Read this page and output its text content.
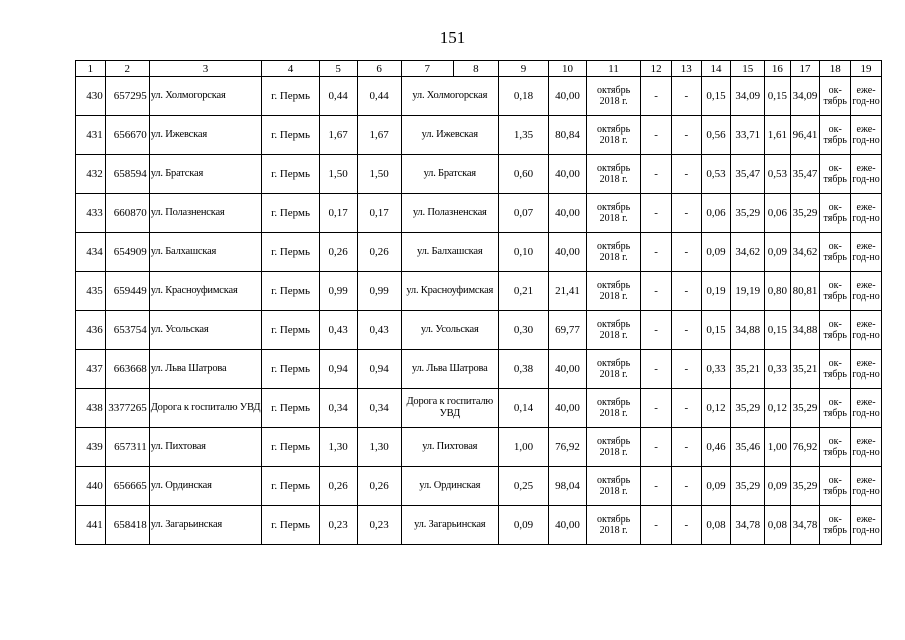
151
1	2	3	4	5	6	7	8	9	10	11	12	13	14	15	16	17	18	19
430	657295	ул. Холмогорская	г. Пермь	0,44	0,44	ул. Холмогорская		0,18	40,00	октябрь 2018 г.	-	-	0,15	34,09	0,15	34,09	ок-тябрь	еже-год-но
431	656670	ул. Ижевская	г. Пермь	1,67	1,67	ул. Ижевская		1,35	80,84	октябрь 2018 г.	-	-	0,56	33,71	1,61	96,41	ок-тябрь	еже-год-но
432	658594	ул. Братская	г. Пермь	1,50	1,50	ул. Братская		0,60	40,00	октябрь 2018 г.	-	-	0,53	35,47	0,53	35,47	ок-тябрь	еже-год-но
433	660870	ул. Полазненская	г. Пермь	0,17	0,17	ул. Полазненская		0,07	40,00	октябрь 2018 г.	-	-	0,06	35,29	0,06	35,29	ок-тябрь	еже-год-но
434	654909	ул. Балхашская	г. Пермь	0,26	0,26	ул. Балхашская		0,10	40,00	октябрь 2018 г.	-	-	0,09	34,62	0,09	34,62	ок-тябрь	еже-год-но
435	659449	ул. Красноуфимская	г. Пермь	0,99	0,99	ул. Красноуфимская		0,21	21,41	октябрь 2018 г.	-	-	0,19	19,19	0,80	80,81	ок-тябрь	еже-год-но
436	653754	ул. Усольская	г. Пермь	0,43	0,43	ул. Усольская		0,30	69,77	октябрь 2018 г.	-	-	0,15	34,88	0,15	34,88	ок-тябрь	еже-год-но
437	663668	ул. Льва Шатрова	г. Пермь	0,94	0,94	ул. Льва Шатрова		0,38	40,00	октябрь 2018 г.	-	-	0,33	35,21	0,33	35,21	ок-тябрь	еже-год-но
438	3377265	Дорога к госпиталю УВД	г. Пермь	0,34	0,34	Дорога к госпиталю УВД		0,14	40,00	октябрь 2018 г.	-	-	0,12	35,29	0,12	35,29	ок-тябрь	еже-год-но
439	657311	ул. Пихтовая	г. Пермь	1,30	1,30	ул. Пихтовая		1,00	76,92	октябрь 2018 г.	-	-	0,46	35,46	1,00	76,92	ок-тябрь	еже-год-но
440	656665	ул. Ординская	г. Пермь	0,26	0,26	ул. Ординская		0,25	98,04	октябрь 2018 г.	-	-	0,09	35,29	0,09	35,29	ок-тябрь	еже-год-но
441	658418	ул. Загарьинская	г. Пермь	0,23	0,23	ул. Загарьинская		0,09	40,00	октябрь 2018 г.	-	-	0,08	34,78	0,08	34,78	ок-тябрь	еже-год-но
